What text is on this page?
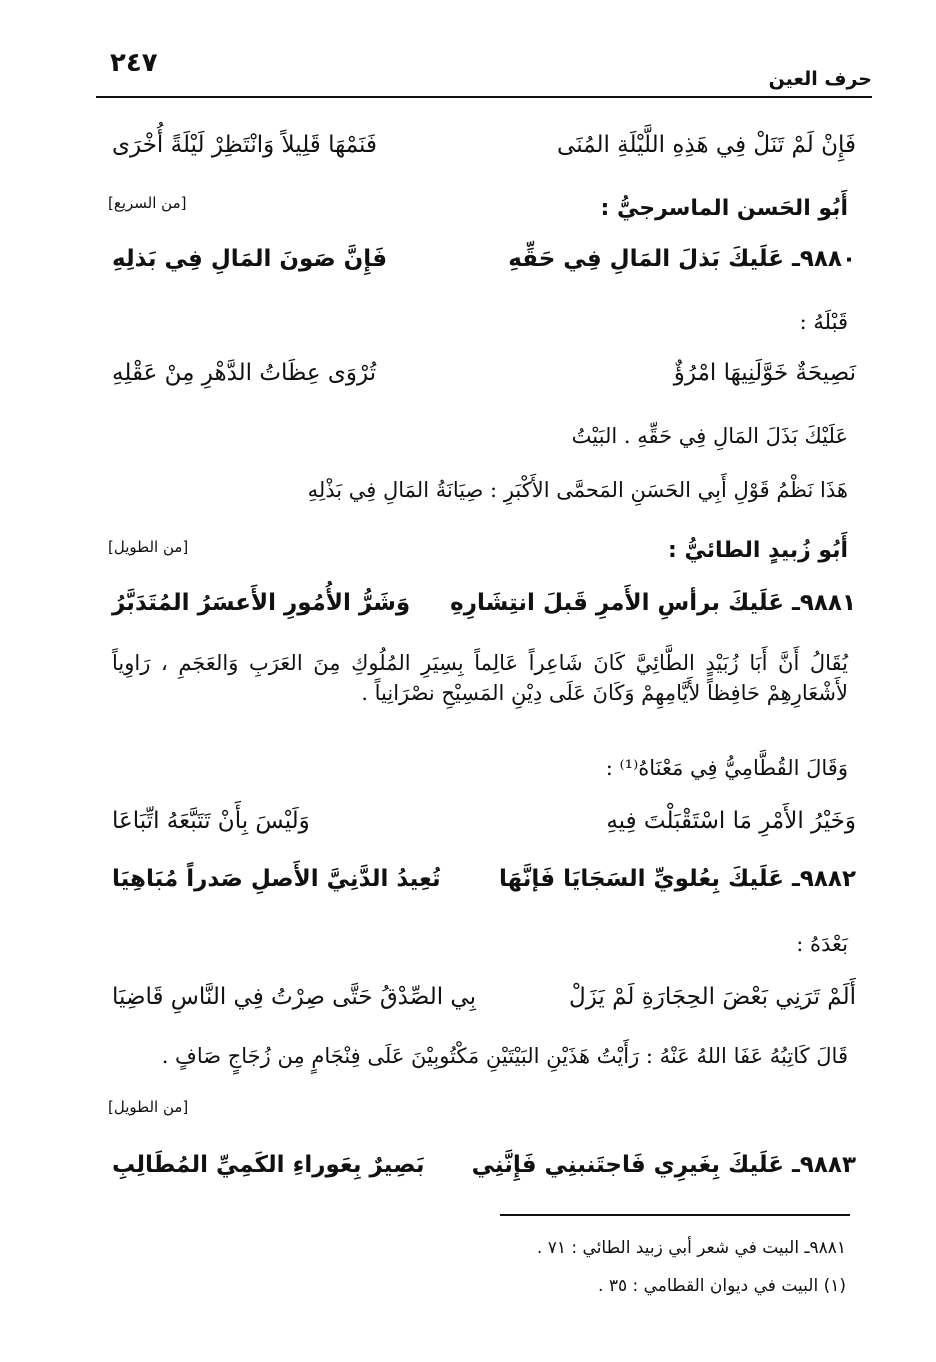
حرف العين
٢٤٧
فَإِنْ لَمْ تَنَلْ فِي هَذِهِ اللَّيْلَةِ المُنَى
فَنَمْهَا قَلِيلاً وَانْتَظِرْ لَيْلَةً أُخْرَى
أَبُو الحَسن الماسرجيُّ :
[من السريع]
٩٨٨٠ـ عَلَيكَ بَذلَ المَالِ فِي حَقِّهِ
فَإِنَّ صَونَ المَالِ فِي بَذلِهِ
قَبْلَهُ :
نَصِيحَةٌ خَوَّلَنِيهَا امْرُؤٌ
تُرْوَى عِظَاتُ الدَّهْرِ مِنْ عَقْلِهِ
عَلَيْكَ بَذَلَ المَالِ فِي حَقِّهِ . البَيْتُ
هَذَا نَظْمُ قَوْلِ أَبِي الحَسَنِ المَحمَّى الأَكْبَرِ : صِيَانَةُ المَالِ فِي بَذْلِهِ
أَبُو زُبيدٍ الطائيُّ :
[من الطويل]
٩٨٨١ـ عَلَيكَ برأسِ الأَمرِ قَبلَ انتِشَارِهِ
وَشَرُّ الأُمُورِ الأَعسَرُ المُتَدَبَّرُ
يُقَالُ أَنَّ أَبَا زُبَيْدٍ الطَّائِيَّ كَانَ شَاعِراً عَالِماً بِسِيَرِ المُلُوكِ مِنَ العَرَبِ وَالعَجَمِ ، رَاوِياً لأَشْعَارِهِمْ حَافِظاً لأَيَّامِهِمْ وَكَانَ عَلَى دِيْنِ المَسِيْحِ نصْرَانِياً .
وَقَالَ القُطَّامِيُّ فِي مَعْنَاهُ⁽¹⁾ :
وَخَيْرُ الأَمْرِ مَا اسْتَقْبَلْتَ فِيهِ
وَلَيْسَ بِأَنْ تَتَبَّعَهُ اتِّبَاعَا
٩٨٨٢ـ عَلَيكَ بِعُلويِّ السَجَايَا فَإنَّهَا
تُعِيدُ الدَّنِيَّ الأَصلِ صَدراً مُبَاهِيَا
بَعْدَهُ :
أَلَمْ تَرَنِي بَعْضَ الحِجَارَةِ لَمْ يَزَلْ
بِي الصِّدْقُ حَتَّى صِرْتُ فِي النَّاسِ قَاضِيَا
قَالَ كَاتِبُهُ عَفَا اللهُ عَنْهُ : رَأَيْتُ هَذَيْنِ البَيْتَيْنِ مَكْتُوبِيْنَ عَلَى فِنْجَامٍ مِن زُجَاجٍ صَافٍ .
[من الطويل]
٩٨٨٣ـ عَلَيكَ بِغَيرِي فَاجتَنبنِي فَإِنَّنِي
بَصِيرٌ بِعَوراءِ الكَمِيِّ المُطَالِبِ
٩٨٨١ـ البيت في شعر أبي زبيد الطائي : ٧١ .
(١) البيت في ديوان القطامي : ٣٥ .
